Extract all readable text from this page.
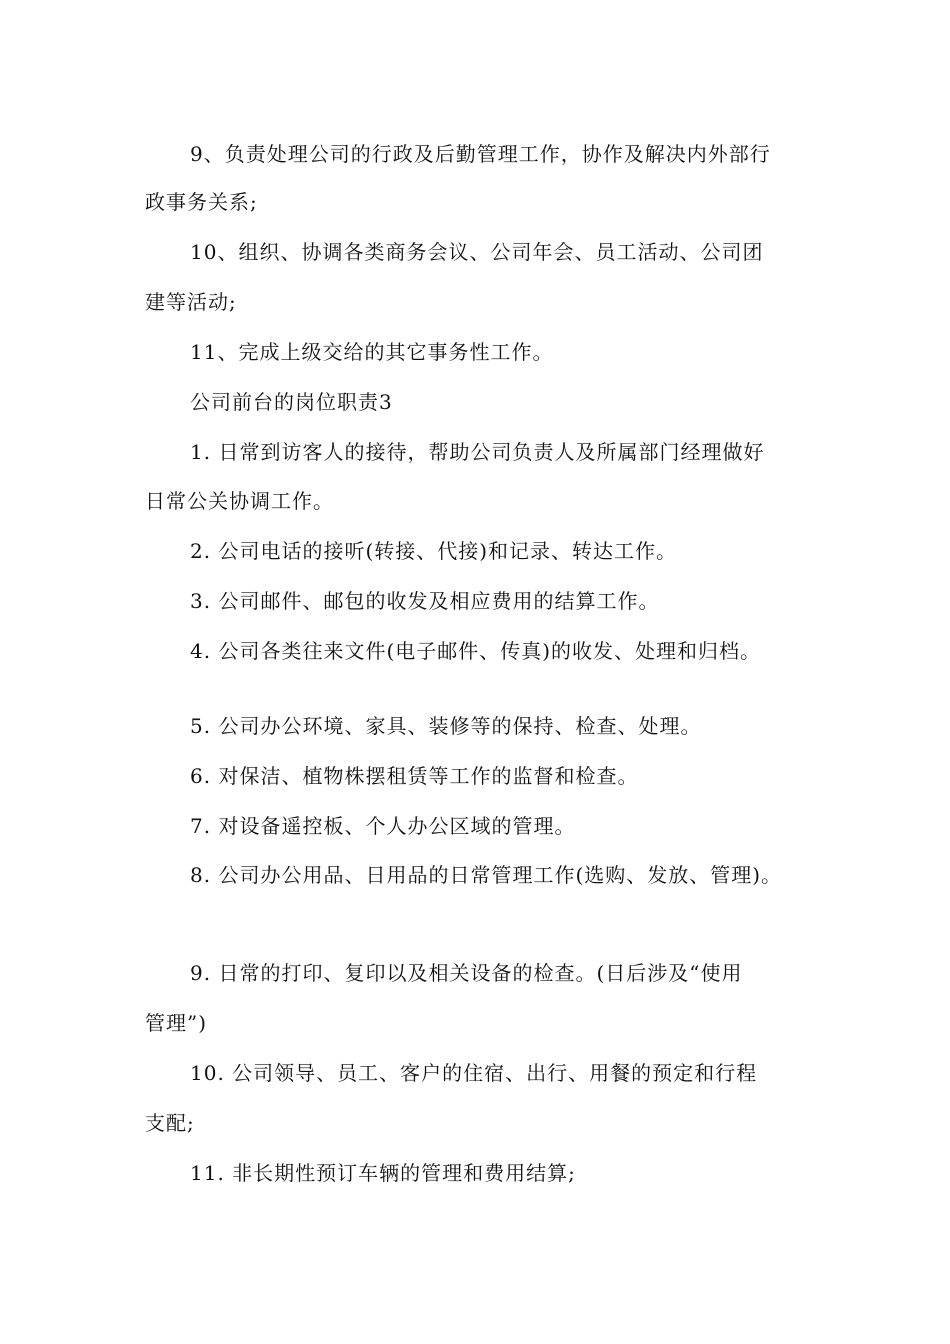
9、负责处理公司的行政及后勤管理工作，协作及解决内外部行
政事务关系;
10、组织、协调各类商务会议、公司年会、员工活动、公司团
建等活动;
11、完成上级交给的其它事务性工作。
公司前台的岗位职责3
1. 日常到访客人的接待，帮助公司负责人及所属部门经理做好
日常公关协调工作。
2. 公司电话的接听(转接、代接)和记录、转达工作。
3. 公司邮件、邮包的收发及相应费用的结算工作。
4. 公司各类往来文件(电子邮件、传真)的收发、处理和归档。
5. 公司办公环境、家具、装修等的保持、检查、处理。
6. 对保洁、植物株摆租赁等工作的监督和检查。
7. 对设备遥控板、个人办公区域的管理。
8. 公司办公用品、日用品的日常管理工作(选购、发放、管理)。
9. 日常的打印、复印以及相关设备的检查。(日后涉及“使用
管理”)
10. 公司领导、员工、客户的住宿、出行、用餐的预定和行程
支配;
11. 非长期性预订车辆的管理和费用结算;
